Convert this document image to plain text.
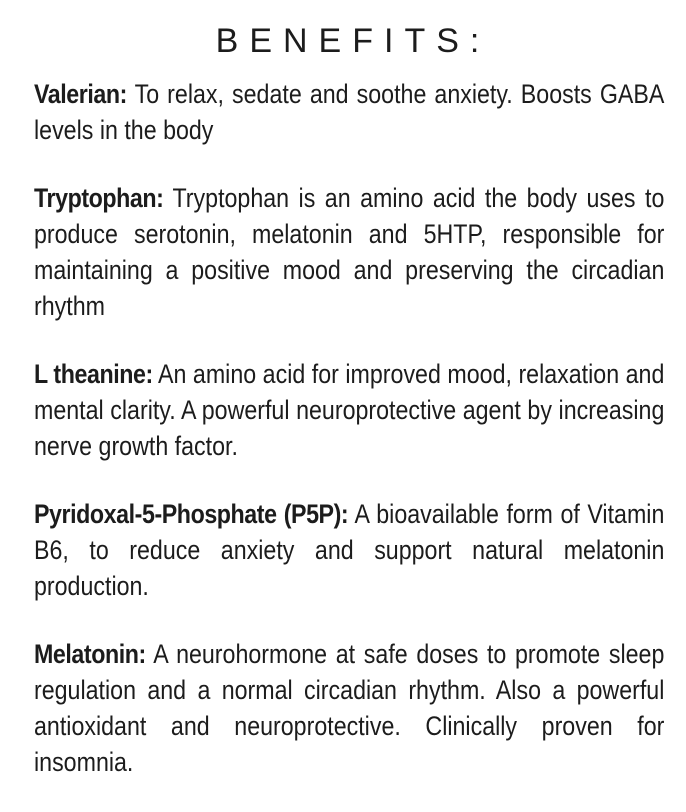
BENEFITS:

Valerian: To relax, sedate and soothe anxiety. Boosts GABA levels in the body

Tryptophan: Tryptophan is an amino acid the body uses to produce serotonin, melatonin and 5HTP, responsible for maintaining a positive mood and preserving the circadian rhythm

L theanine: An amino acid for improved mood, relaxation and mental clarity. A powerful neuroprotective agent by increasing nerve growth factor.

Pyridoxal-5-Phosphate (P5P): A bioavailable form of Vitamin B6, to reduce anxiety and support natural melatonin production.

Melatonin: A neurohormone at safe doses to promote sleep regulation and a normal circadian rhythm. Also a powerful antioxidant and neuroprotective. Clinically proven for insomnia.
